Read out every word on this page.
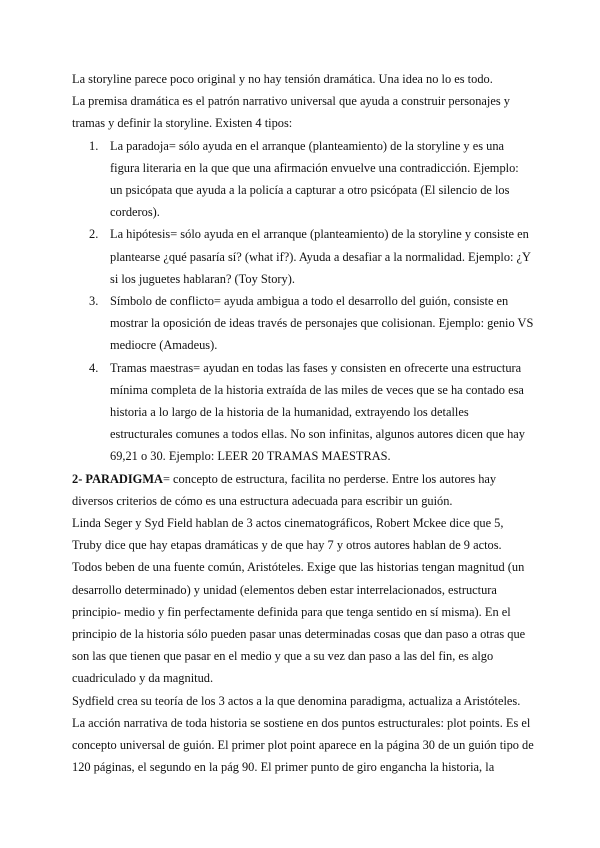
La storyline parece poco original y no hay tensión dramática. Una idea no lo es todo.

La premisa dramática es el patrón narrativo universal que ayuda a construir personajes y tramas y definir la storyline. Existen 4 tipos:

1. La paradoja= sólo ayuda en el arranque (planteamiento) de la storyline y es una figura literaria en la que que una afirmación envuelve una contradicción. Ejemplo: un psicópata que ayuda a la policía a capturar a otro psicópata (El silencio de los corderos).
2. La hipótesis= sólo ayuda en el arranque (planteamiento) de la storyline y consiste en plantearse ¿qué pasaría sí? (what if?). Ayuda a desafiar a la normalidad. Ejemplo: ¿Y si los juguetes hablaran? (Toy Story).
3. Símbolo de conflicto= ayuda ambigua a todo el desarrollo del guión, consiste en mostrar la oposición de ideas través de personajes que colisionan. Ejemplo: genio VS mediocre (Amadeus).
4. Tramas maestras= ayudan en todas las fases y consisten en ofrecerte una estructura mínima completa de la historia extraída de las miles de veces que se ha contado esa historia a lo largo de la historia de la humanidad, extrayendo los detalles estructurales comunes a todos ellas. No son infinitas, algunos autores dicen que hay 69,21 o 30. Ejemplo: LEER 20 TRAMAS MAESTRAS.

2- PARADIGMA= concepto de estructura, facilita no perderse. Entre los autores hay diversos criterios de cómo es una estructura adecuada para escribir un guión.

Linda Seger y Syd Field hablan de 3 actos cinematográficos, Robert Mckee dice que 5, Truby dice que hay etapas dramáticas y de que hay 7 y otros autores hablan de 9 actos. Todos beben de una fuente común, Aristóteles. Exige que las historias tengan magnitud (un desarrollo determinado) y unidad (elementos deben estar interrelacionados, estructura principio- medio y fin perfectamente definida para que tenga sentido en sí misma). En el principio de la historia sólo pueden pasar unas determinadas cosas que dan paso a otras que son las que tienen que pasar en el medio y que a su vez dan paso a las del fin, es algo cuadriculado y da magnitud.

Sydfield crea su teoría de los 3 actos a la que denomina paradigma, actualiza a Aristóteles. La acción narrativa de toda historia se sostiene en dos puntos estructurales: plot points. Es el concepto universal de guión. El primer plot point aparece en la página 30 de un guión tipo de 120 páginas, el segundo en la pág 90. El primer punto de giro engancha la historia, la
